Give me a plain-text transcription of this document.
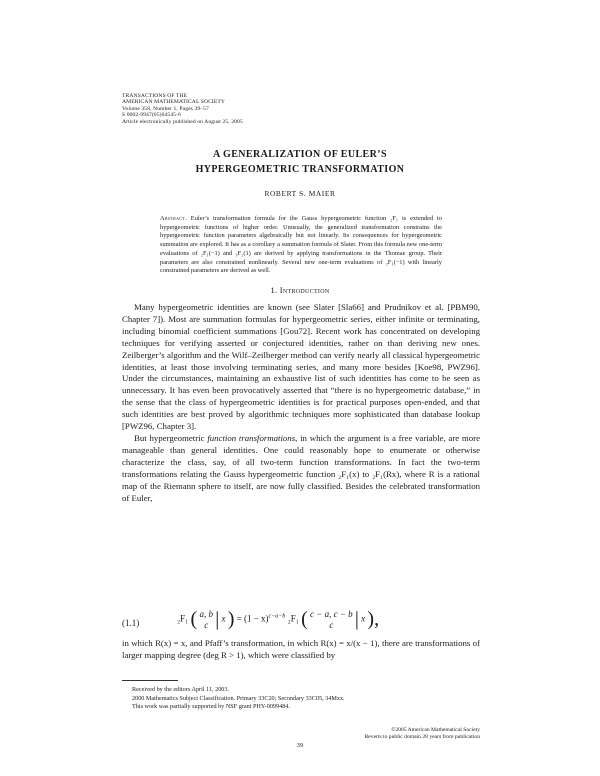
TRANSACTIONS OF THE
AMERICAN MATHEMATICAL SOCIETY
Volume 358, Number 1, Pages 39–57
S 0002-9947(05)04545-6
Article electronically published on August 25, 2005
A GENERALIZATION OF EULER’S
HYPERGEOMETRIC TRANSFORMATION
ROBERT S. MAIER
Abstract. Euler’s transformation formula for the Gauss hypergeometric function ₂F₁ is extended to hypergeometric functions of higher order. Unusually, the generalized transformation constrains the hypergeometric function parameters algebraically but not linearly. Its consequences for hypergeometric summation are explored. It has as a corollary a summation formula of Slater. From this formula new one-term evaluations of ₂F₁(−1) and ₃F₂(1) are derived by applying transformations in the Thomae group. Their parameters are also constrained nonlinearly. Several new one-term evaluations of ₂F₁(−1) with linearly constrained parameters are derived as well.
1. Introduction

Many hypergeometric identities are known (see Slater [Sla66] and Prudnikov et al. [PBM90, Chapter 7]). Most are summation formulas for hypergeometric series, either infinite or terminating, including binomial coefficient summations [Gou72]. Recent work has concentrated on developing techniques for verifying asserted or conjectured identities, rather on than deriving new ones. Zeilberger’s algorithm and the Wilf–Zeilberger method can verify nearly all classical hypergeometric identities, at least those involving terminating series, and many more besides [Koe98, PWZ96]. Under the circumstances, maintaining an exhaustive list of such identities has come to be seen as unnecessary. It has even been provocatively asserted that “there is no hypergeometric database,” in the sense that the class of hypergeometric identities is for practical purposes open-ended, and that such identities are best proved by algorithmic techniques more sophisticated than database lookup [PWZ96, Chapter 3].

But hypergeometric function transformations, in which the argument is a free variable, are more manageable than general identities. One could reasonably hope to enumerate or otherwise characterize the class, say, of all two-term function transformations. In fact the two-term transformations relating the Gauss hypergeometric function ₂F₁(x) to ₂F₁(Rx), where R is a rational map of the Riemann sphere to itself, are now fully classified. Besides the celebrated transformation of Euler,

(1.1)	₂F₁ ( a, b
c | x ) = $(1 - x)^{c-a-b}$ ₂F₁ ( c − a, c − b
c | x ),
in which R(x) = x, and Pfaff’s transformation, in which R(x) = x/(x − 1), there are transformations of larger mapping degree (deg R > 1), which were classified by
Received by the editors April 11, 2003.
2000 Mathematics Subject Classification. Primary 33C20; Secondary 33C05, 34Mxx.
This work was partially supported by NSF grant PHY-0099484.
©2005 American Mathematical Society
Reverts to public domain 28 years from publication
39
